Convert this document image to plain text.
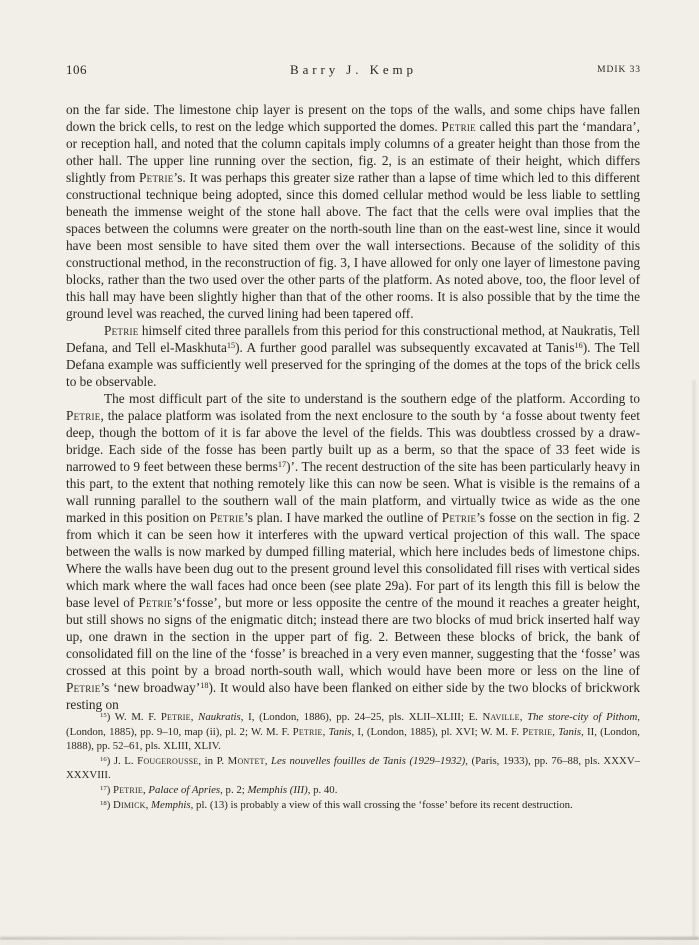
106	Barry J. Kemp	MDIK 33

on the far side. The limestone chip layer is present on the tops of the walls, and some chips have fallen down the brick cells, to rest on the ledge which supported the domes. Petrie called this part the ‘mandara’, or reception hall, and noted that the column capitals imply columns of a greater height than those from the other hall. The upper line running over the section, fig. 2, is an estimate of their height, which differs slightly from Petrie’s. It was perhaps this greater size rather than a lapse of time which led to this different constructional technique being adopted, since this domed cellular method would be less liable to settling beneath the immense weight of the stone hall above. The fact that the cells were oval implies that the spaces between the columns were greater on the north-south line than on the east-west line, since it would have been most sensible to have sited them over the wall intersections. Because of the solidity of this constructional method, in the reconstruction of fig. 3, I have allowed for only one layer of limestone paving blocks, rather than the two used over the other parts of the platform. As noted above, too, the floor level of this hall may have been slightly higher than that of the other rooms. It is also possible that by the time the ground level was reached, the curved lining had been tapered off.

Petrie himself cited three parallels from this period for this constructional method, at Naukratis, Tell Defana, and Tell el-Maskhuta$^{15}$). A further good parallel was subsequently excavated at Tanis$^{16}$). The Tell Defana example was sufficiently well preserved for the springing of the domes at the tops of the brick cells to be observable.

The most difficult part of the site to understand is the southern edge of the platform. According to Petrie, the palace platform was isolated from the next enclosure to the south by ‘a fosse about twenty feet deep, though the bottom of it is far above the level of the fields. This was doubtless crossed by a draw-bridge. Each side of the fosse has been partly built up as a berm, so that the space of 33 feet wide is narrowed to 9 feet between these berms$^{17}$)’. The recent destruction of the site has been particularly heavy in this part, to the extent that nothing remotely like this can now be seen. What is visible is the remains of a wall running parallel to the southern wall of the main platform, and virtually twice as wide as the one marked in this position on Petrie’s plan. I have marked the outline of Petrie’s fosse on the section in fig. 2 from which it can be seen how it interferes with the upward vertical projection of this wall. The space between the walls is now marked by dumped filling material, which here includes beds of limestone chips. Where the walls have been dug out to the present ground level this consolidated fill rises with vertical sides which mark where the wall faces had once been (see plate 29a). For part of its length this fill is below the base level of Petrie’s‘fosse’, but more or less opposite the centre of the mound it reaches a greater height, but still shows no signs of the enigmatic ditch; instead there are two blocks of mud brick inserted half way up, one drawn in the section in the upper part of fig. 2. Between these blocks of brick, the bank of consolidated fill on the line of the ‘fosse’ is breached in a very even manner, suggesting that the ‘fosse’ was crossed at this point by a broad north-south wall, which would have been more or less on the line of Petrie’s ‘new broadway’$^{18}$). It would also have been flanked on either side by the two blocks of brickwork resting on

$^{15}$) W. M. F. Petrie, Naukratis, I, (London, 1886), pp. 24–25, pls. XLII–XLIII; E. Naville, The store-city of Pithom, (London, 1885), pp. 9–10, map (ii), pl. 2; W. M. F. Petrie, Tanis, I, (London, 1885), pl. XVI; W. M. F. Petrie, Tanis, II, (London, 1888), pp. 52–61, pls. XLIII, XLIV.

$^{16}$) J. L. Fougerousse, in P. Montet, Les nouvelles fouilles de Tanis (1929–1932), (Paris, 1933), pp. 76–88, pls. XXXV–XXXVIII.

$^{17}$) Petrie, Palace of Apries, p. 2; Memphis (III), p. 40.

$^{18}$) Dimick, Memphis, pl. (13) is probably a view of this wall crossing the ‘fosse’ before its recent destruction.
